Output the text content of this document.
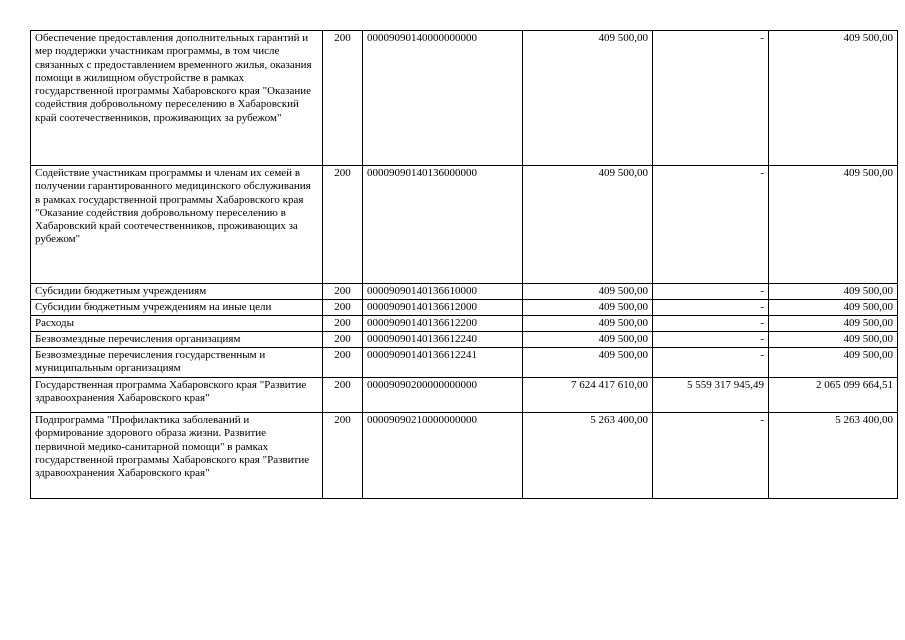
Обеспечение предоставления дополнительных гарантий и мер поддержки участникам программы, в том числе связанных с предоставлением временного жилья, оказания помощи в жилищном обустройстве в рамках государственной программы Хабаровского края "Оказание содействия добровольному переселению в Хабаровский край соотечественников, проживающих за рубежом"	200	00009090140000000000	409 500,00	-	409 500,00
Содействие участникам программы и членам их семей в получении гарантированного медицинского обслуживания в рамках государственной программы Хабаровского края "Оказание содействия добровольному переселению в Хабаровский край соотечественников, проживающих за рубежом"	200	00009090140136000000	409 500,00	-	409 500,00
Субсидии бюджетным учреждениям	200	00009090140136610000	409 500,00	-	409 500,00
Субсидии бюджетным учреждениям на иные цели	200	00009090140136612000	409 500,00	-	409 500,00
Расходы	200	00009090140136612200	409 500,00	-	409 500,00
Безвозмездные перечисления организациям	200	00009090140136612240	409 500,00	-	409 500,00
Безвозмездные перечисления государственным и муниципальным организациям	200	00009090140136612241	409 500,00	-	409 500,00
Государственная программа Хабаровского края "Развитие здравоохранения Хабаровского края"	200	00009090200000000000	7 624 417 610,00	5 559 317 945,49	2 065 099 664,51
Подпрограмма "Профилактика заболеваний и формирование здорового образа жизни. Развитие первичной медико-санитарной помощи" в рамках государственной программы Хабаровского края "Развитие здравоохранения Хабаровского края"	200	00009090210000000000	5 263 400,00	-	5 263 400,00
